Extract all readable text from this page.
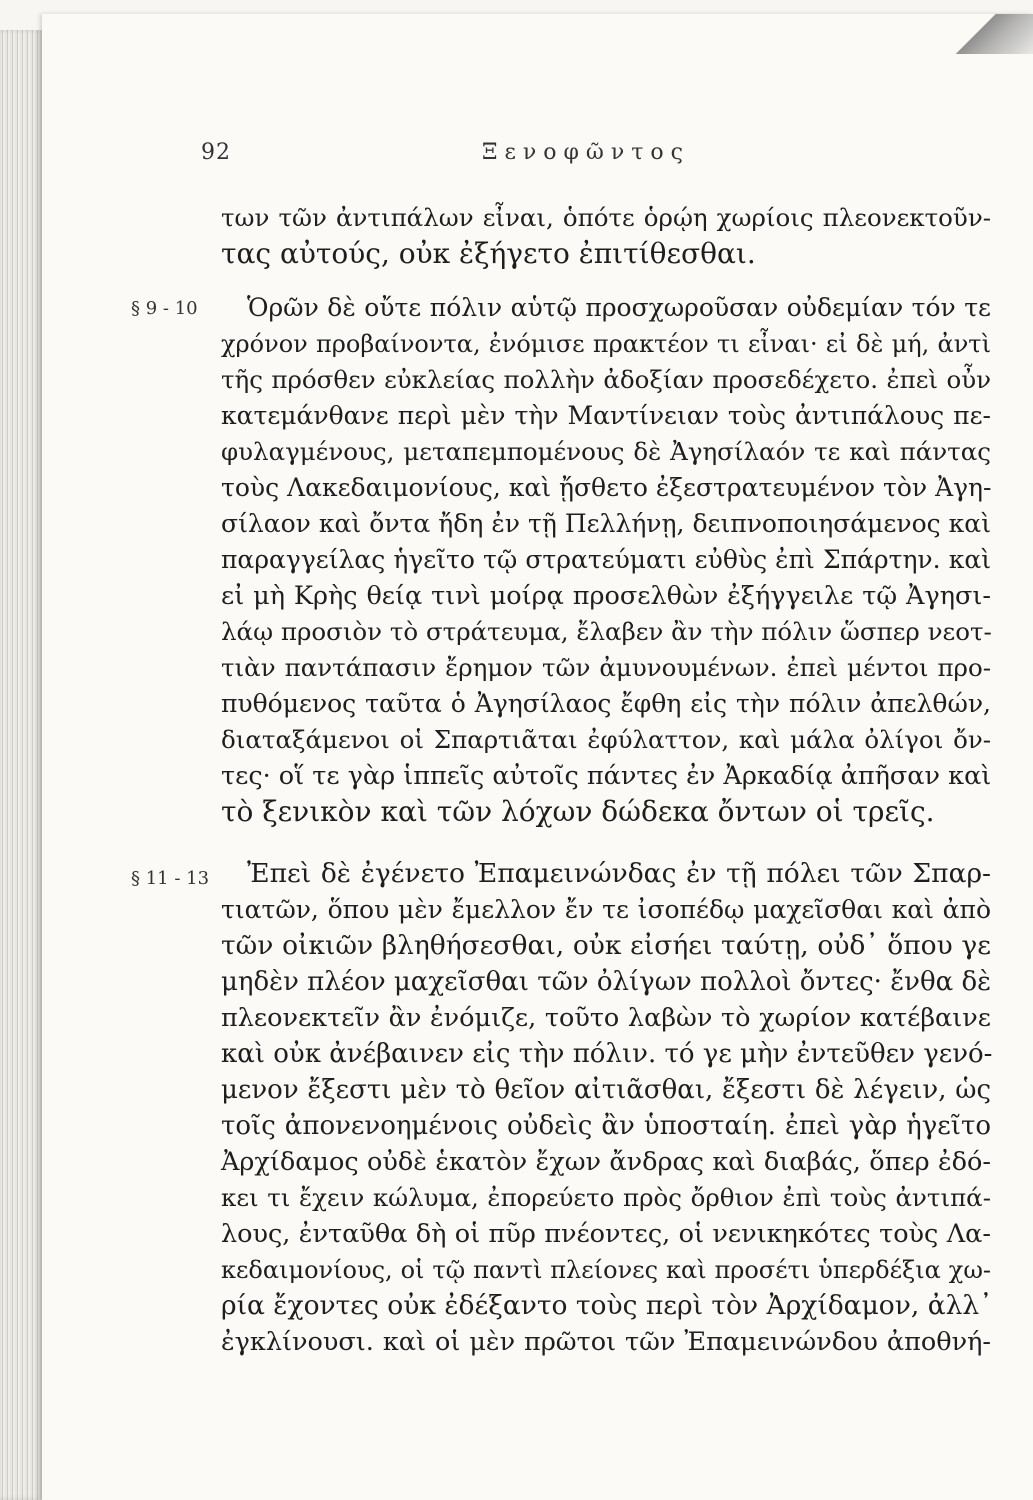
92	Ξενοφῶντος
§ 9 - 10
§ 11 - 13
των τῶν ἀντιπάλων εἶναι, ὁπότε ὁρῴη χωρίοις πλεονεκτοῦν-
τας αὐτούς, οὐκ ἐξήγετο ἐπιτίθεσθαι.
Ὁρῶν δὲ οὔτε πόλιν αὑτῷ προσχωροῦσαν οὐδεμίαν τόν τε
χρόνον προβαίνοντα, ἐνόμισε πρακτέον τι εἶναι· εἰ δὲ μή, ἀντὶ
τῆς πρόσθεν εὐκλείας πολλὴν ἀδοξίαν προσεδέχετο. ἐπεὶ οὖν
κατεμάνθανε περὶ μὲν τὴν Μαντίνειαν τοὺς ἀντιπάλους πε-
φυλαγμένους, μεταπεμπομένους δὲ Ἀγησίλαόν τε καὶ πάντας
τοὺς Λακεδαιμονίους, καὶ ᾔσθετο ἐξεστρατευμένον τὸν Ἀγη-
σίλαον καὶ ὄντα ἤδη ἐν τῇ Πελλήνῃ, δειπνοποιησάμενος καὶ
παραγγείλας ἡγεῖτο τῷ στρατεύματι εὐθὺς ἐπὶ Σπάρτην. καὶ
εἰ μὴ Κρὴς θείᾳ τινὶ μοίρᾳ προσελθὼν ἐξήγγειλε τῷ Ἀγησι-
λάῳ προσιὸν τὸ στράτευμα, ἔλαβεν ἂν τὴν πόλιν ὥσπερ νεοτ-
τιὰν παντάπασιν ἔρημον τῶν ἀμυνουμένων. ἐπεὶ μέντοι προ-
πυθόμενος ταῦτα ὁ Ἀγησίλαος ἔφθη εἰς τὴν πόλιν ἀπελθών,
διαταξάμενοι οἱ Σπαρτιᾶται ἐφύλαττον, καὶ μάλα ὀλίγοι ὄν-
τες· οἵ τε γὰρ ἱππεῖς αὐτοῖς πάντες ἐν Ἀρκαδίᾳ ἀπῆσαν καὶ
τὸ ξενικὸν καὶ τῶν λόχων δώδεκα ὄντων οἱ τρεῖς.
Ἐπεὶ δὲ ἐγένετο Ἐπαμεινώνδας ἐν τῇ πόλει τῶν Σπαρ-
τιατῶν, ὅπου μὲν ἔμελλον ἔν τε ἰσοπέδῳ μαχεῖσθαι καὶ ἀπὸ
τῶν οἰκιῶν βληθήσεσθαι, οὐκ εἰσήει ταύτῃ, οὐδ᾽ ὅπου γε
μηδὲν πλέον μαχεῖσθαι τῶν ὀλίγων πολλοὶ ὄντες· ἔνθα δὲ
πλεονεκτεῖν ἂν ἐνόμιζε, τοῦτο λαβὼν τὸ χωρίον κατέβαινε
καὶ οὐκ ἀνέβαινεν εἰς τὴν πόλιν. τό γε μὴν ἐντεῦθεν γενό-
μενον ἔξεστι μὲν τὸ θεῖον αἰτιᾶσθαι, ἔξεστι δὲ λέγειν, ὡς
τοῖς ἀπονενοημένοις οὐδεὶς ἂν ὑποσταίη. ἐπεὶ γὰρ ἡγεῖτο
Ἀρχίδαμος οὐδὲ ἑκατὸν ἔχων ἄνδρας καὶ διαβάς, ὅπερ ἐδό-
κει τι ἔχειν κώλυμα, ἐπορεύετο πρὸς ὄρθιον ἐπὶ τοὺς ἀντιπά-
λους, ἐνταῦθα δὴ οἱ πῦρ πνέοντες, οἱ νενικηκότες τοὺς Λα-
κεδαιμονίους, οἱ τῷ παντὶ πλείονες καὶ προσέτι ὑπερδέξια χω-
ρία ἔχοντες οὐκ ἐδέξαντο τοὺς περὶ τὸν Ἀρχίδαμον, ἀλλ᾽
ἐγκλίνουσι. καὶ οἱ μὲν πρῶτοι τῶν Ἐπαμεινώνδου ἀποθνή-
